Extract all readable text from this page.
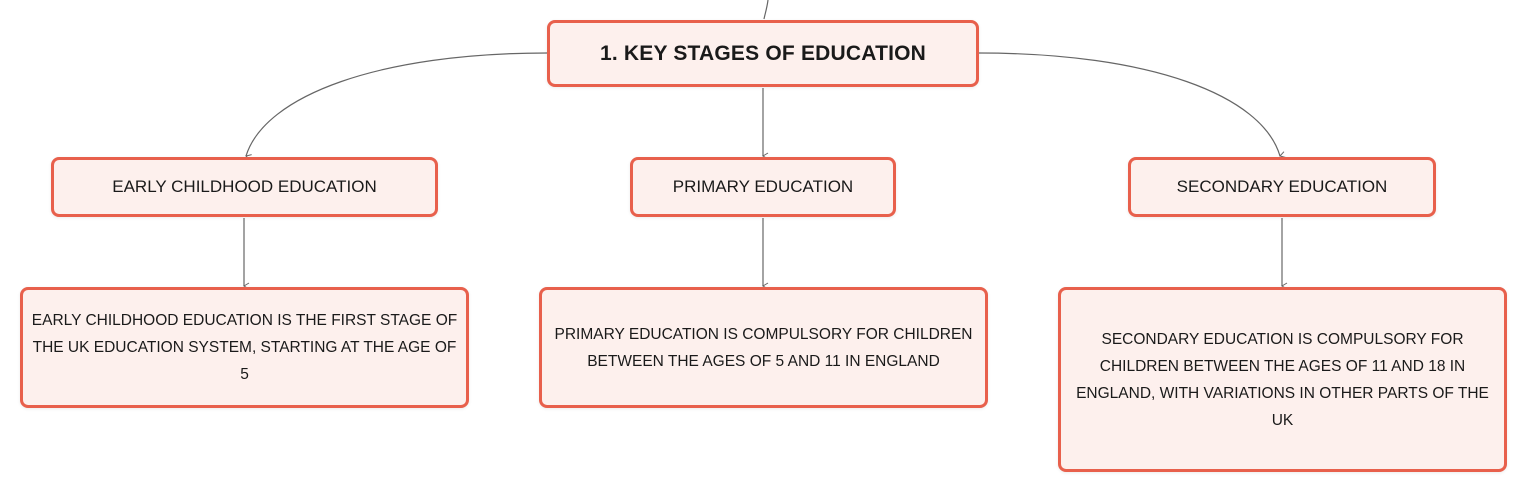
1. KEY STAGES OF EDUCATION
EARLY CHILDHOOD EDUCATION	PRIMARY EDUCATION	SECONDARY EDUCATION
EARLY CHILDHOOD EDUCATION IS THE FIRST STAGE OF THE UK EDUCATION SYSTEM, STARTING AT THE AGE OF 5
PRIMARY EDUCATION IS COMPULSORY FOR CHILDREN BETWEEN THE AGES OF 5 AND 11 IN ENGLAND
SECONDARY EDUCATION IS COMPULSORY FOR CHILDREN BETWEEN THE AGES OF 11 AND 18 IN ENGLAND, WITH VARIATIONS IN OTHER PARTS OF THE UK
